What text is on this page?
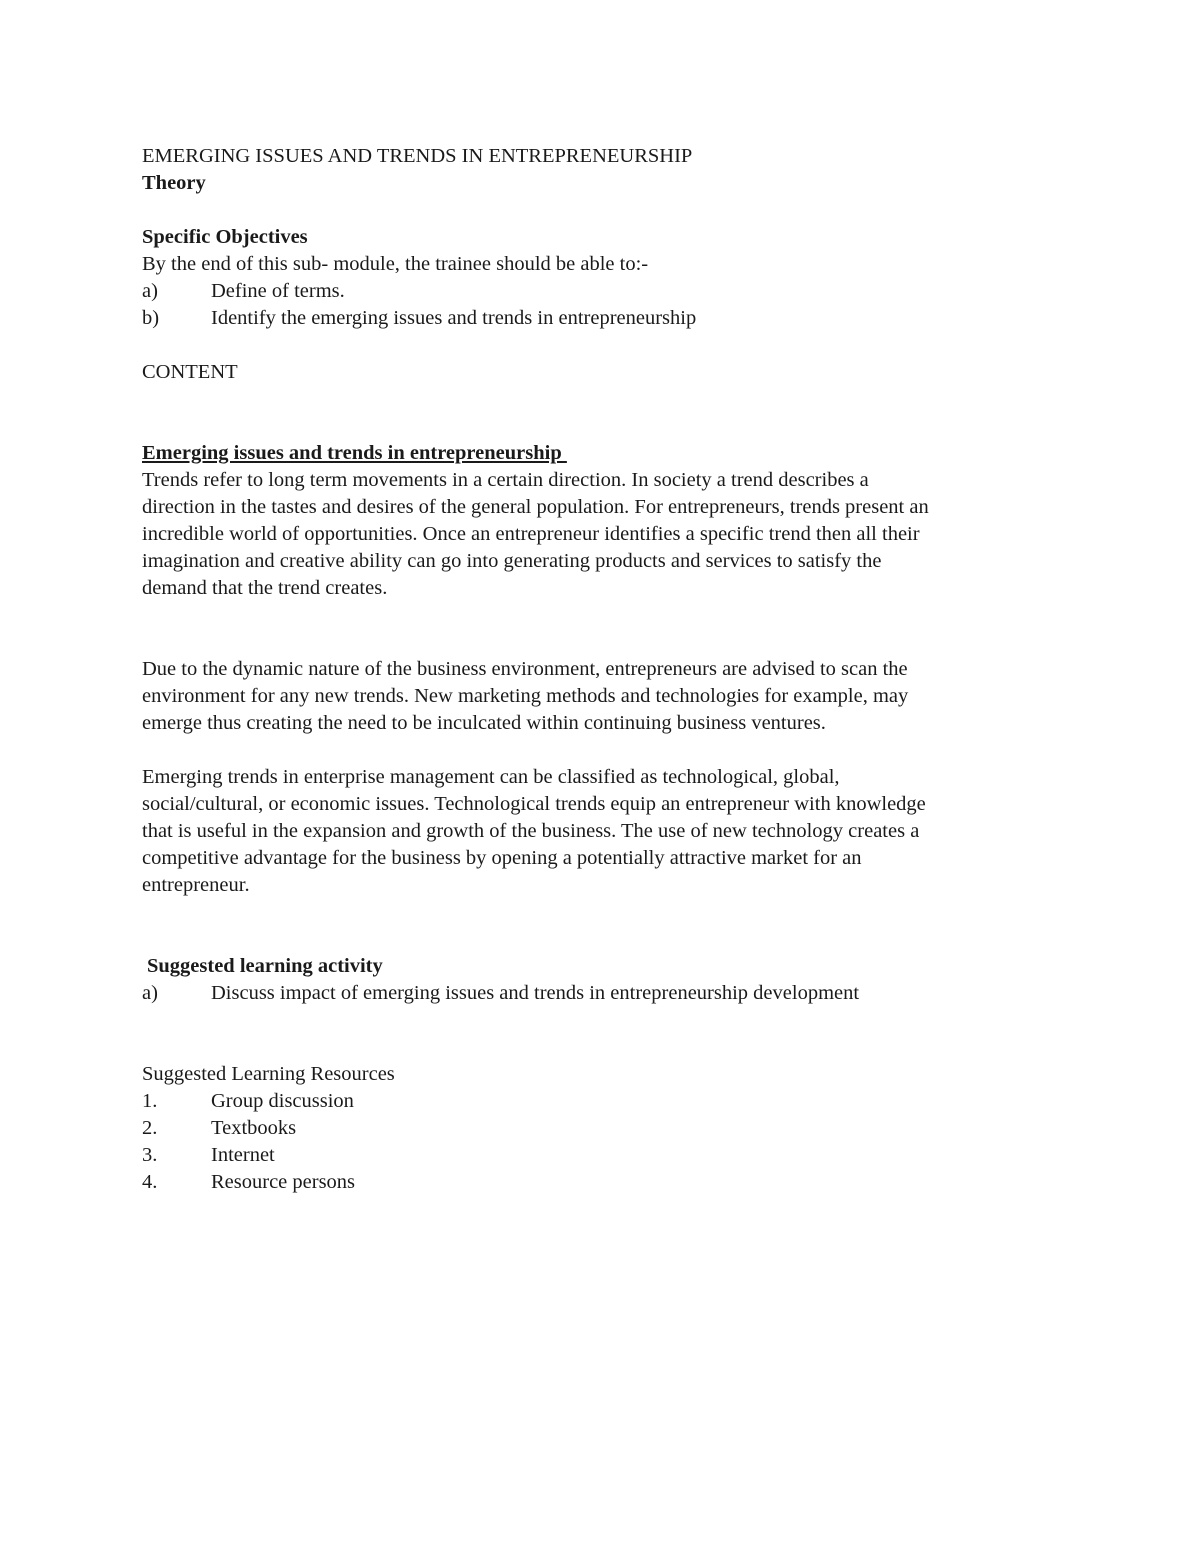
EMERGING ISSUES AND TRENDS IN ENTREPRENEURSHIP
Theory
Specific Objectives
By the end of this sub- module, the trainee should be able to:-
a)	Define of terms.
b)	Identify the emerging issues and trends in entrepreneurship
CONTENT
Emerging issues and trends in entrepreneurship
Trends refer to long term movements in a certain direction. In society a trend describes a
direction in the tastes and desires of the general population. For entrepreneurs, trends present an
incredible world of opportunities. Once an entrepreneur identifies a specific trend then all their
imagination and creative ability can go into generating products and services to satisfy the
demand that the trend creates.
Due to the dynamic nature of the business environment, entrepreneurs are advised to scan the
environment for any new trends. New marketing methods and technologies for example, may
emerge thus creating the need to be inculcated within continuing business ventures.
Emerging trends in enterprise management can be classified as technological, global,
social/cultural, or economic issues. Technological trends equip an entrepreneur with knowledge
that is useful in the expansion and growth of the business. The use of new technology creates a
competitive advantage for the business by opening a potentially attractive market for an
entrepreneur.
Suggested learning activity
a)	Discuss impact of emerging issues and trends in entrepreneurship development
Suggested Learning Resources
1.	Group discussion
2.	Textbooks
3.	Internet
4.	Resource persons
